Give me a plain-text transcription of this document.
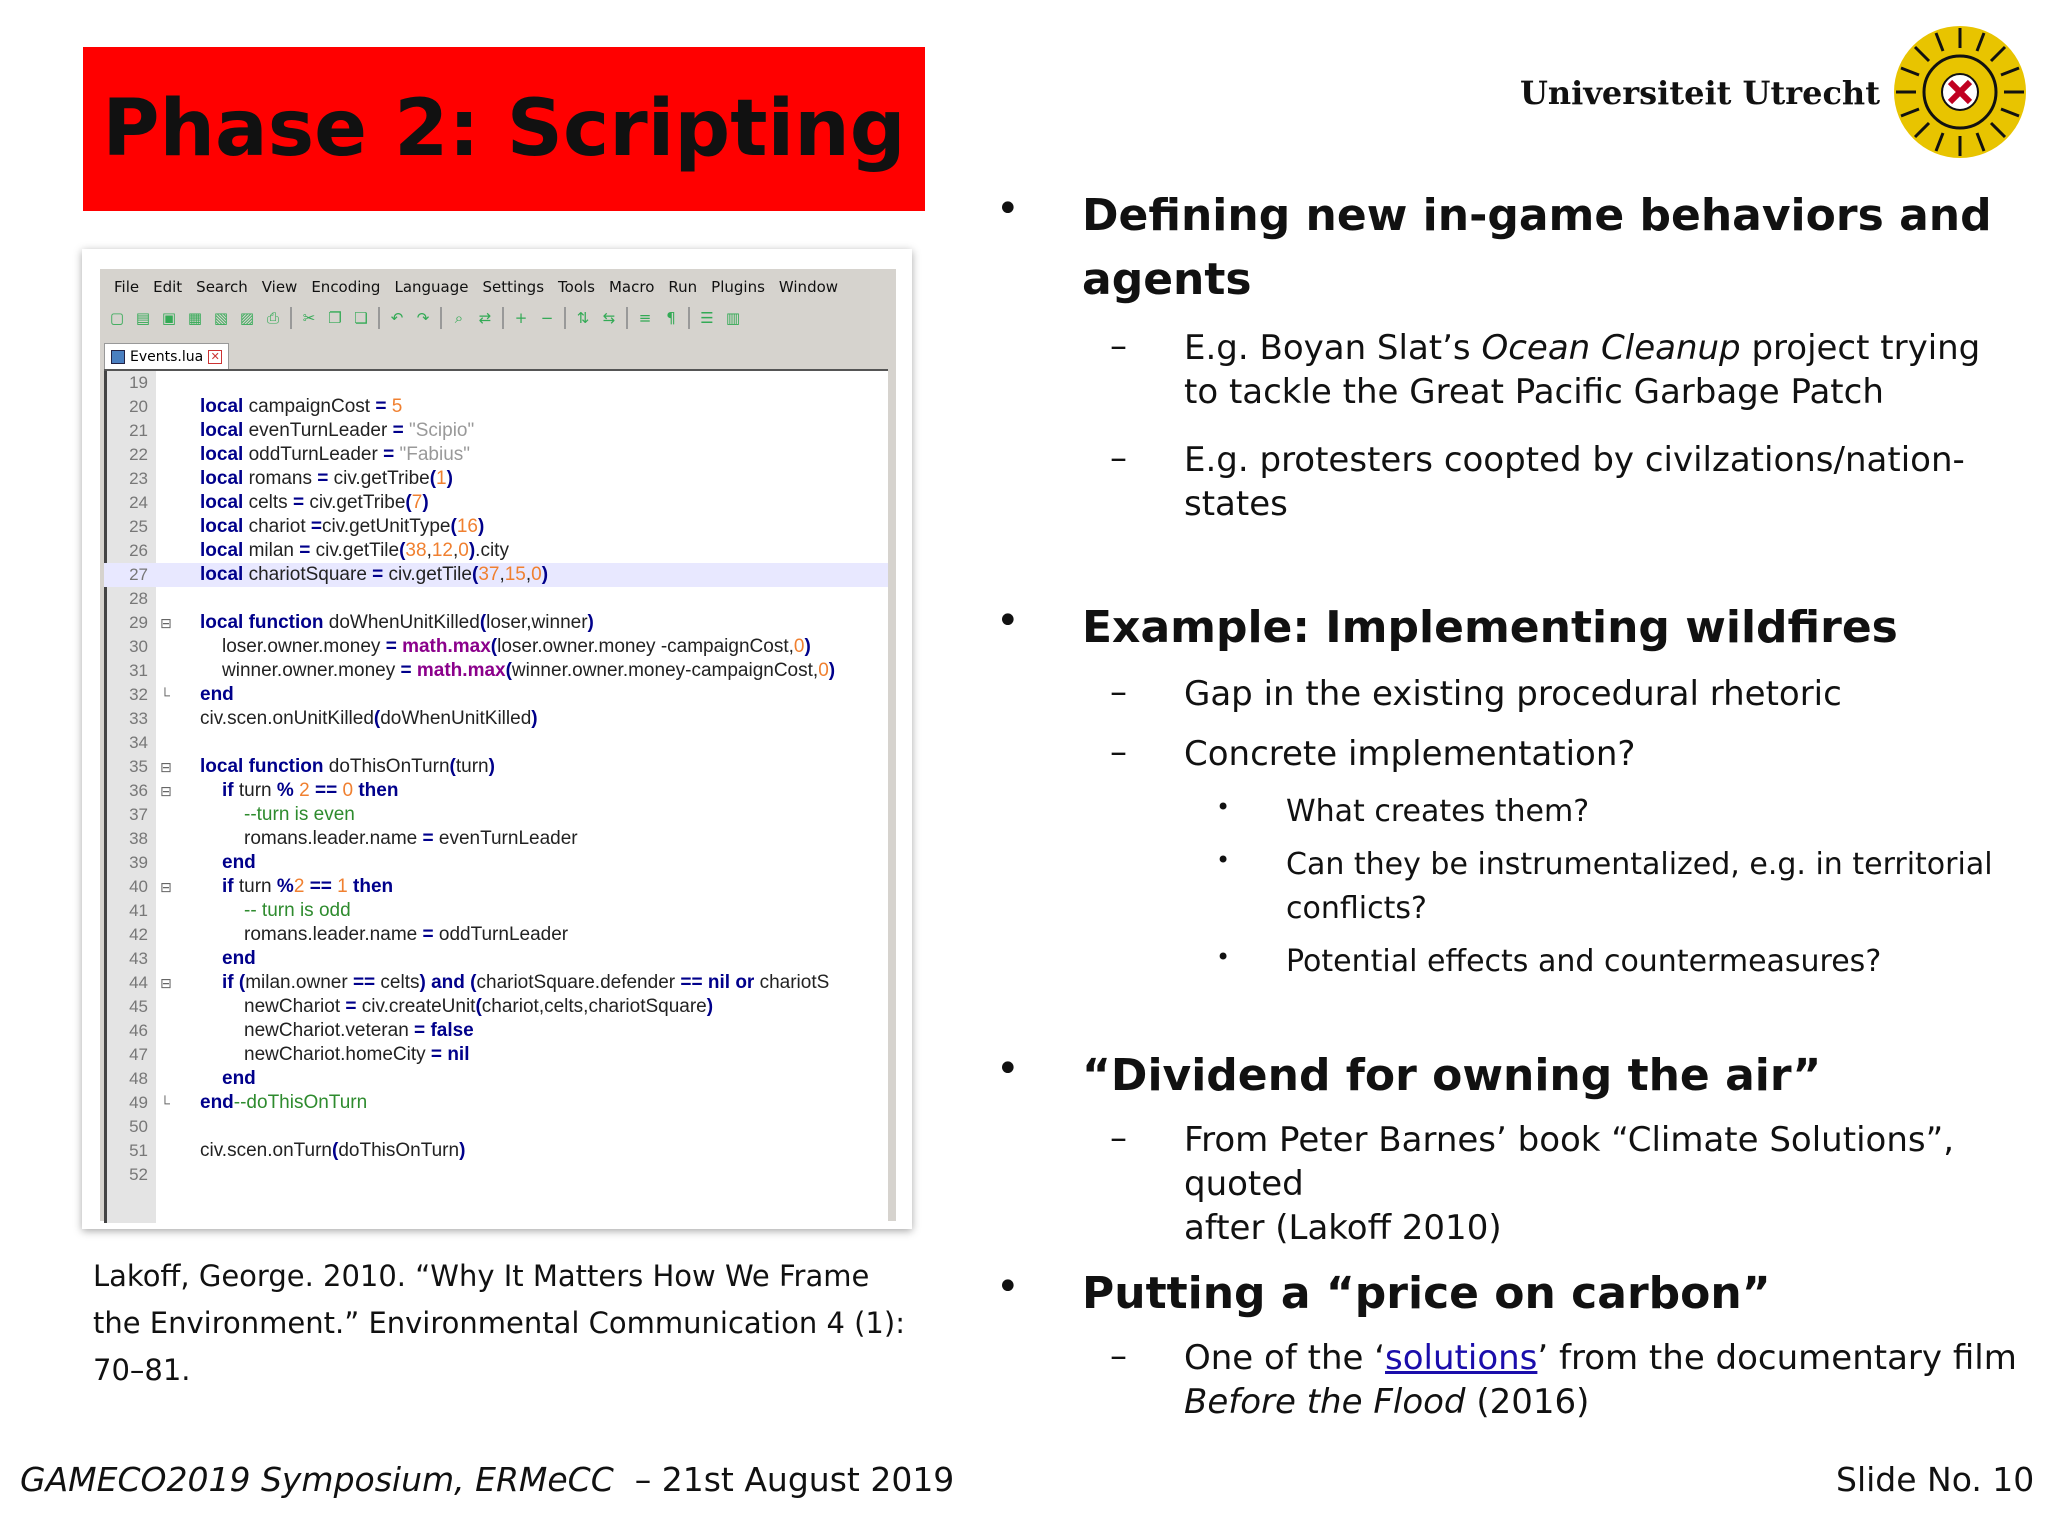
Phase 2: Scripting	Universiteit Utrecht
File Edit Search View Encoding Language Settings Tools Macro Run Plugins Window
▢ ▤ ▣ ▦ ▧ ▨ ⎙	✂ ❐ ❏	↶ ↷	⌕	⇄	+ −	⇅ ⇆	≡ ¶	☰ ▥
Events.lua ✕
19
20	local campaignCost = 5
21	local evenTurnLeader = "Scipio"
22	local oddTurnLeader = "Fabius"
23	local romans = civ.getTribe(1)
24	local celts = civ.getTribe(7)
25	local chariot =civ.getUnitType(16)
26	local milan = civ.getTile(38,12,0).city
27	local chariotSquare = civ.getTile(37,15,0)
28
29 ⊟ local function doWhenUnitKilled(loser,winner)
30	loser.owner.money = math.max(loser.owner.money -campaignCost,0)
31	winner.owner.money = math.max(winner.owner.money-campaignCost,0)
32 └ end
33	civ.scen.onUnitKilled(doWhenUnitKilled)
34
35 ⊟ local function doThisOnTurn(turn)
36 ⊟	if turn % 2 == 0 then
37	--turn is even
38	romans.leader.name = evenTurnLeader
39	end
40 ⊟	if turn %2 == 1 then
41	-- turn is odd
42	romans.leader.name = oddTurnLeader
43	end
44 ⊟	if (milan.owner == celts) and (chariotSquare.defender == nil or chariotS
45	newChariot = civ.createUnit(chariot,celts,chariotSquare)
46	newChariot.veteran = false
47	newChariot.homeCity = nil
48	end
49 └ end--doThisOnTurn
50
51	civ.scen.onTurn(doThisOnTurn)
52
Lakoff, George. 2010. “Why It Matters How We Frame the Environment.” Environmental Communication 4 (1): 70–81.
• Defining new in-game behaviors and
agents
– E.g. Boyan Slat’s Ocean Cleanup project trying
to tackle the Great Pacific Garbage Patch
– E.g. protesters coopted by civilzations/nation-
states
• Example: Implementing wildfires
– Gap in the existing procedural rhetoric
– Concrete implementation?
• What creates them?
• Can they be instrumentalized, e.g. in territorial
conflicts?
• Potential effects and countermeasures?
• “Dividend for owning the air”
– From Peter Barnes’ book “Climate Solutions”, quoted
after (Lakoff 2010)
• Putting a “price on carbon”
– One of the ‘solutions’ from the documentary film
Before the Flood (2016)
GAMECO2019 Symposium, ERMeCC  – 21st August 2019	Slide No. 10
